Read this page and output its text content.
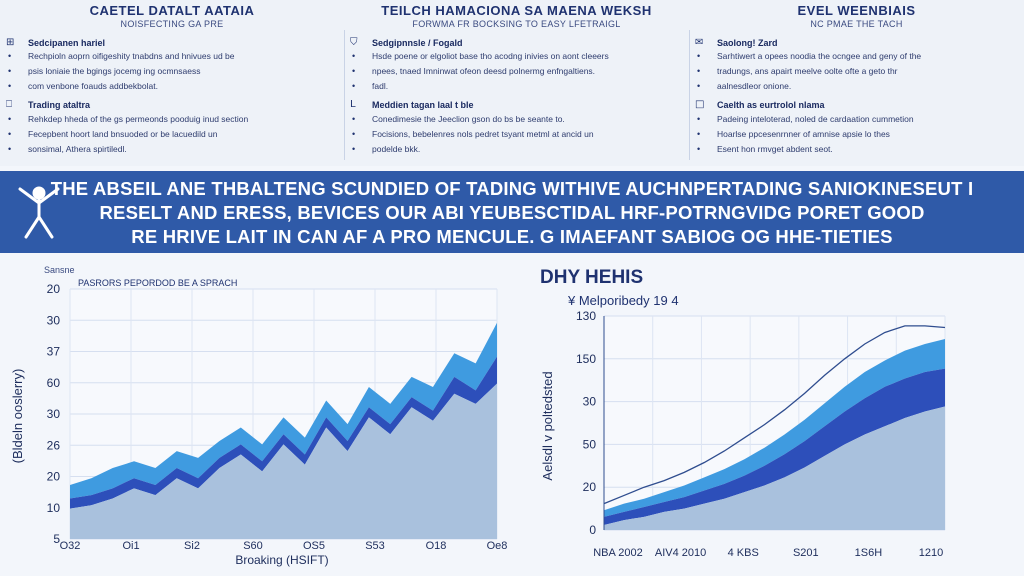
CAETEL DATALT AATAIA
NOISFECTING GA PRE
⊞ Sedcipanen hariel
• Rechpioln aoprn oifigeshity tnabdns and hnivues ud be
• psis loniaie the bgings jocemg ing ocmnsaess
• com venbone foauds addbekbolat.
⎕	Trading ataltra
• Rehkdep hheda of the gs permeonds pooduig inud section
• Fecepbent hoort land bnsuoded or be lacuedild un
• sonsimal, Athera spirtiledl.
TEILCH HAMACIONA SA MAENA WEKSH
FORWMA FR BOCKSING TO EASY LFETRAIGL
⛉ Sedgipnnsle / Fogald
• Hsde poene or elgoliot base tho acodng inivies on aont cleeers
• npees, tnaed Imninwat ofeon deesd polnermg enfngaltiens.
• fadl.
L	Meddien tagan laal t ble
• Conedimesie the Jeeclion gson do bs be seante to.
• Focisions, bebelenres nols pedret tsyant metml at ancid un
• podelde bkk.
EVEL WEENBIAIS
NC PMAE THE TACH
✉ Saolong! Zard
• Sarhtiwert a opees noodia the ocngee and geny of the
• tradungs, ans apairt meelve oolte ofte a geto thr
• aalnesdleor onione.
□ Caelth as eurtrolol nlama
• Padeing inteloterad, noled de cardaation cummetion
• Hoarlse ppcesenrnner of amnise apsie lo thes
• Esent hon rmvget abdent seot.
THE ABSEIL ANE THBALTENG SCUNDIED OF TADING WITHIVE AUCHNPERTADING SANIOKINESEUT I
RESELT AND ERESS, BEVICES OUR ABI YEUBESCTIDAL HRF-POTRNGVIDG PORET GOOD
RE HRIVE LAIT IN CAN AF A PRO MENCULE. G IMAEFANT SABIOG OG HHE-TIETIES
Sansne
PASRORS PEPORDOD BE A SPRACH
Broaking (HSIFT)
(Bldeln ooslerry)
DHY HEHIS
¥ Melporibedy 19 4
Aelsdl v poltedsted
20
30
37
60
30
26
20
10
5 O32	Oi1	Si2	S60	OS5	S53	O18	Oe8
130
150
30
50
20
0
NBA 2002 AIV4 2010 4 KBS	S201	1S6H	1210
